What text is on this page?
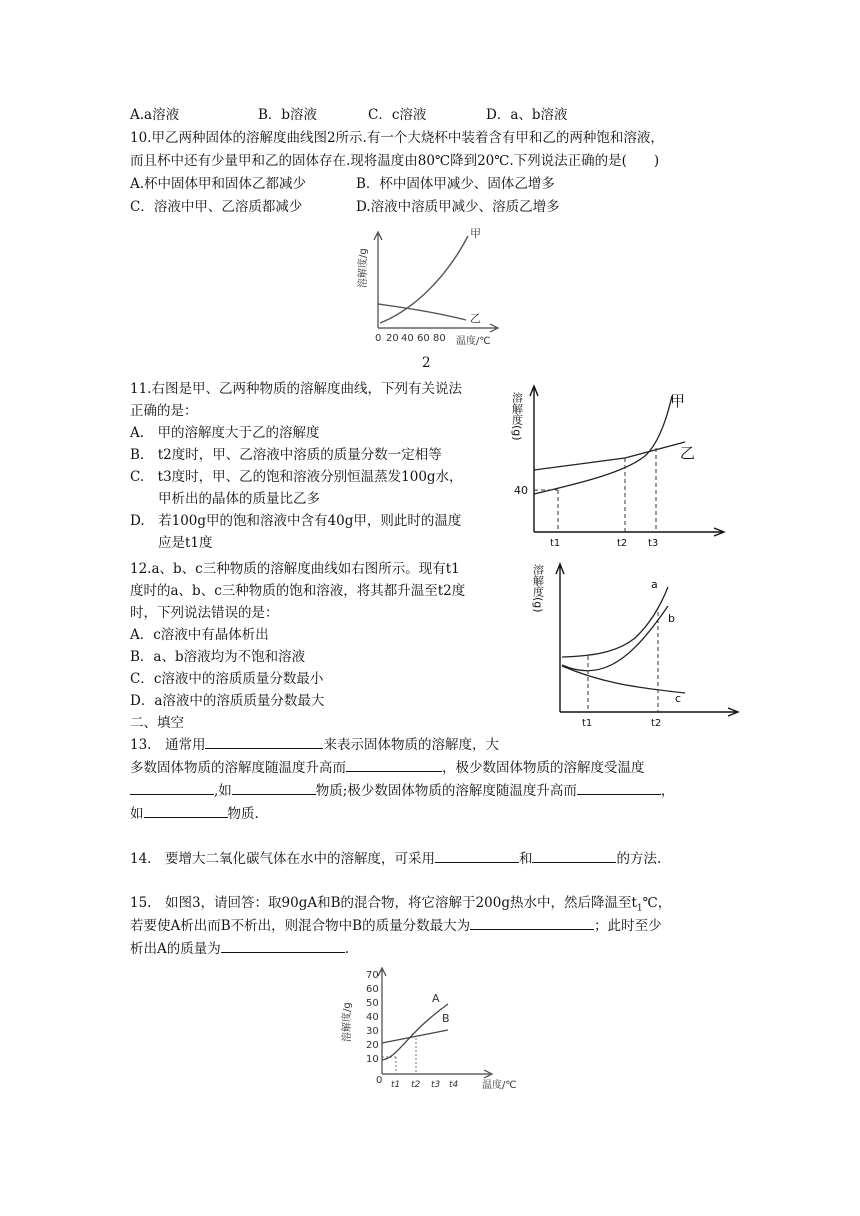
A.a溶液	B．b溶液	C．c溶液	D．a、b溶液
10.甲乙两种固体的溶解度曲线图2所示.有一个大烧杯中装着含有甲和乙的两种饱和溶液，
而且杯中还有少量甲和乙的固体存在.现将温度由80℃降到20℃.下列说法正确的是(　　)
A.杯中固体甲和固体乙都减少	B．杯中固体甲减少、固体乙增多
C．溶液中甲、乙溶质都减少	D.溶液中溶质甲减少、溶质乙增多
甲
乙
0 20 40 60 80 温度/℃
溶解度/g
2
11.右图是甲、乙两种物质的溶解度曲线，下列有关说法
正确的是：
A.　甲的溶解度大于乙的溶解度
B.　t2度时，甲、乙溶液中溶质的质量分数一定相等
C.　t3度时，甲、乙的饱和溶液分别恒温蒸发100g水，
甲析出的晶体的质量比乙多
D.　若100g甲的饱和溶液中含有40g甲，则此时的温度
应是t1度
甲
乙
40
t1	t2 t3
溶解度(g)
12.a、b、c三种物质的溶解度曲线如右图所示。现有t1
度时的a、b、c三种物质的饱和溶液，将其都升温至t2度
时，下列说法错误的是：
A．c溶液中有晶体析出
B．a、b溶液均为不饱和溶液
C．c溶液中的溶质质量分数最小
D．a溶液中的溶质质量分数最大
a
b
c
t1	t2
溶解度(g)
二、填空
13.　通常用	来表示固体物质的溶解度，大
多数固体物质的溶解度随温度升高而	，极少数固体物质的溶解度受温度
,如	物质;极少数固体物质的溶解度随温度升高而	，
如	物质.
14.　要增大二氧化碳气体在水中的溶解度，可采用	和	的方法.
15.　如图3，请回答：取90gA和B的混合物，将它溶解于200g热水中，然后降温至$t_1℃$，
若要使A析出而B不析出，则混合物中B的质量分数最大为	；此时至少
析出A的质量为	.
A
B
0
10
20
30
40
50
60
70
t1 t2 t3 t4 温度/℃
溶解度/g
